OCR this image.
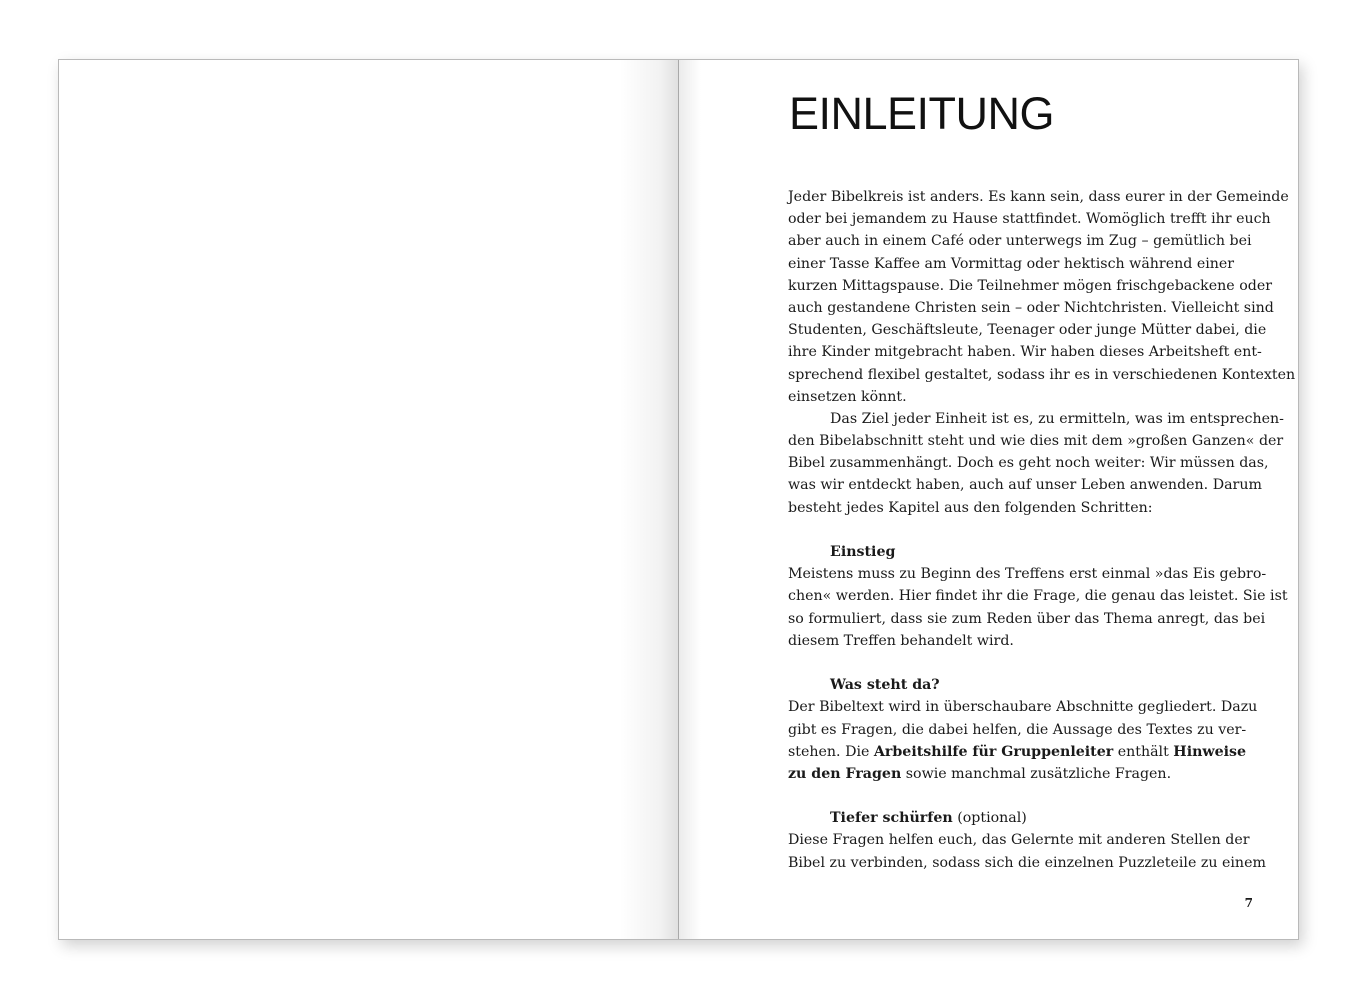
EINLEITUNG
Jeder Bibelkreis ist anders. Es kann sein, dass eurer in der Gemeinde
oder bei jemandem zu Hause stattfindet. Womöglich trefft ihr euch
aber auch in einem Café oder unterwegs im Zug – gemütlich bei
einer Tasse Kaffee am Vormittag oder hektisch während einer
kurzen Mittagspause. Die Teilnehmer mögen frischgebackene oder
auch gestandene Christen sein – oder Nichtchristen. Vielleicht sind
Studenten, Geschäftsleute, Teenager oder junge Mütter dabei, die
ihre Kinder mitgebracht haben. Wir haben dieses Arbeitsheft ent-
sprechend flexibel gestaltet, sodass ihr es in verschiedenen Kontexten
einsetzen könnt.
Das Ziel jeder Einheit ist es, zu ermitteln, was im entsprechen-
den Bibelabschnitt steht und wie dies mit dem »großen Ganzen« der
Bibel zusammenhängt. Doch es geht noch weiter: Wir müssen das,
was wir entdeckt haben, auch auf unser Leben anwenden. Darum
besteht jedes Kapitel aus den folgenden Schritten:
Einstieg
Meistens muss zu Beginn des Treffens erst einmal »das Eis gebro-
chen« werden. Hier findet ihr die Frage, die genau das leistet. Sie ist
so formuliert, dass sie zum Reden über das Thema anregt, das bei
diesem Treffen behandelt wird.
Was steht da?
Der Bibeltext wird in überschaubare Abschnitte gegliedert. Dazu
gibt es Fragen, die dabei helfen, die Aussage des Textes zu ver-
stehen. Die Arbeitshilfe für Gruppenleiter enthält Hinweise
zu den Fragen sowie manchmal zusätzliche Fragen.
Tiefer schürfen (optional)
Diese Fragen helfen euch, das Gelernte mit anderen Stellen der
Bibel zu verbinden, sodass sich die einzelnen Puzzleteile zu einem
7
